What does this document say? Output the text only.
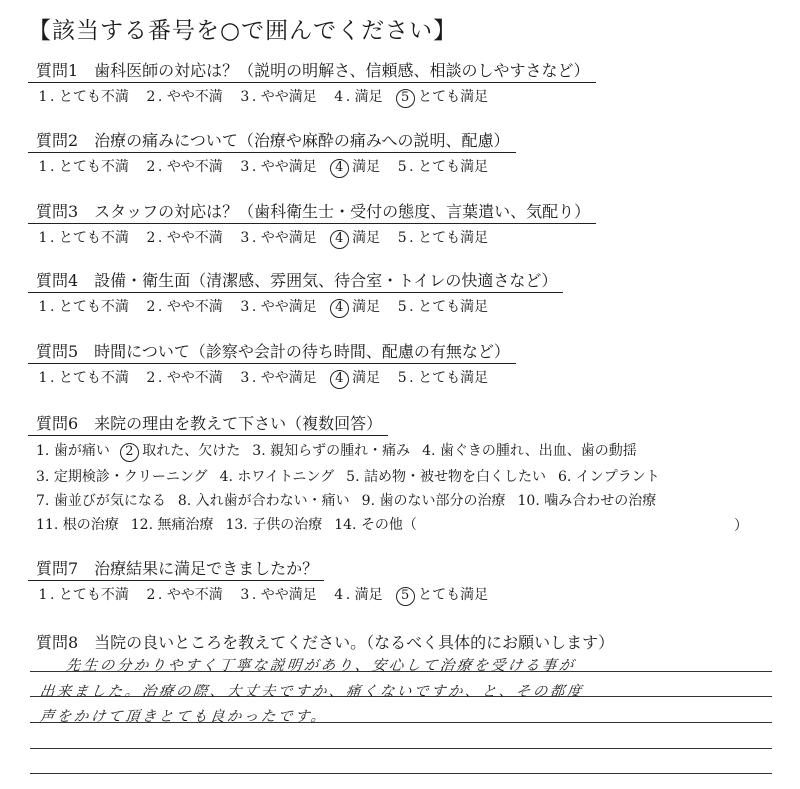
【該当する番号を○で囲んでください】
質問1　歯科医師の対応は？（説明の明解さ、信頼感、相談のしやすさなど）
1 . とても不満 2 . やや不満 3 . やや満足 4 . 満足 5 とても満足
質問2　治療の痛みについて（治療や麻酔の痛みへの説明、配慮）
1 . とても不満 2 . やや不満 3 . やや満足 4 満足 5 . とても満足
質問3　スタッフの対応は？（歯科衛生士・受付の態度、言葉遣い、気配り）
1 . とても不満 2 . やや不満 3 . やや満足 4 満足 5 . とても満足
質問4　設備・衛生面（清潔感、雰囲気、待合室・トイレの快適さなど）
1 . とても不満 2 . やや不満 3 . やや満足 4 満足 5 . とても満足
質問5　時間について（診察や会計の待ち時間、配慮の有無など）
1 . とても不満 2 . やや不満 3 . やや満足 4 満足 5 . とても満足
質問6　来院の理由を教えて下さい（複数回答）
1. 歯が痛い 2 取れた、欠けた 3. 親知らずの腫れ・痛み 4. 歯ぐきの腫れ、出血、歯の動揺
3. 定期検診・クリーニング 4. ホワイトニング 5. 詰め物・被せ物を白くしたい 6. インプラント
7. 歯並びが気になる 8. 入れ歯が合わない・痛い 9. 歯のない部分の治療 10. 噛み合わせの治療
11. 根の治療 12. 無痛治療 13. 子供の治療 14. その他（	）
質問7　治療結果に満足できましたか？
1 . とても不満 2 . やや不満 3 . やや満足 4 . 満足 5 とても満足
質問8　当院の良いところを教えてください。（なるべく具体的にお願いします）
先生の分かりやすく丁寧な説明があり、安心して治療を受ける事が
出来ました。治療の際、大丈夫ですか、痛くないですか、と、その都度
声をかけて頂きとても良かったです。
